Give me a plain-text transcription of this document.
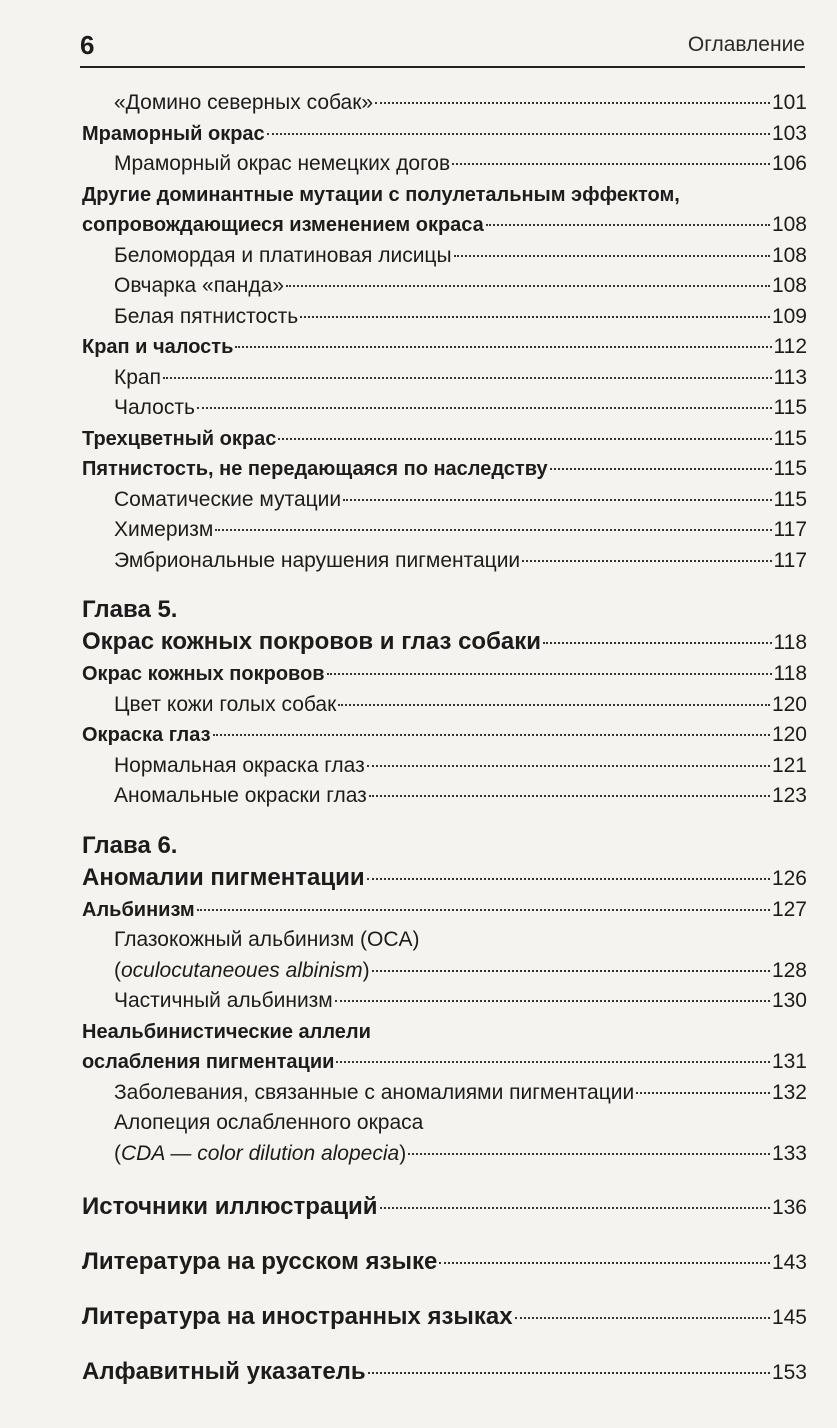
6	Оглавление
«Домино северных собак»	101
Мраморный окрас	103
Мраморный окрас немецких догов	106
Другие доминантные мутации с полулетальным эффектом,
сопровождающиеся изменением окраса	108
Беломордая и платиновая лисицы	108
Овчарка «панда»	108
Белая пятнистость	109
Крап и чалость	112
Крап	113
Чалость	115
Трехцветный окрас	115
Пятнистость, не передающаяся по наследству	115
Соматические мутации	115
Химеризм	117
Эмбриональные нарушения пигментации	117
Глава 5.
Окрас кожных покровов и глаз собаки	118
Окрас кожных покровов	118
Цвет кожи голых собак	120
Окраска глаз	120
Нормальная окраска глаз	121
Аномальные окраски глаз	123
Глава 6.
Аномалии пигментации	126
Альбинизм	127
Глазокожный альбинизм (OCA)
(oculocutaneoues albinism)	128
Частичный альбинизм	130
Неальбинистические аллели
ослабления пигментации	131
Заболевания, связанные с аномалиями пигментации	132
Алопеция ослабленного окраса
(CDA — color dilution alopecia)	133
Источники иллюстраций	136
Литература на русском языке	143
Литература на иностранных языках	145
Алфавитный указатель	153
